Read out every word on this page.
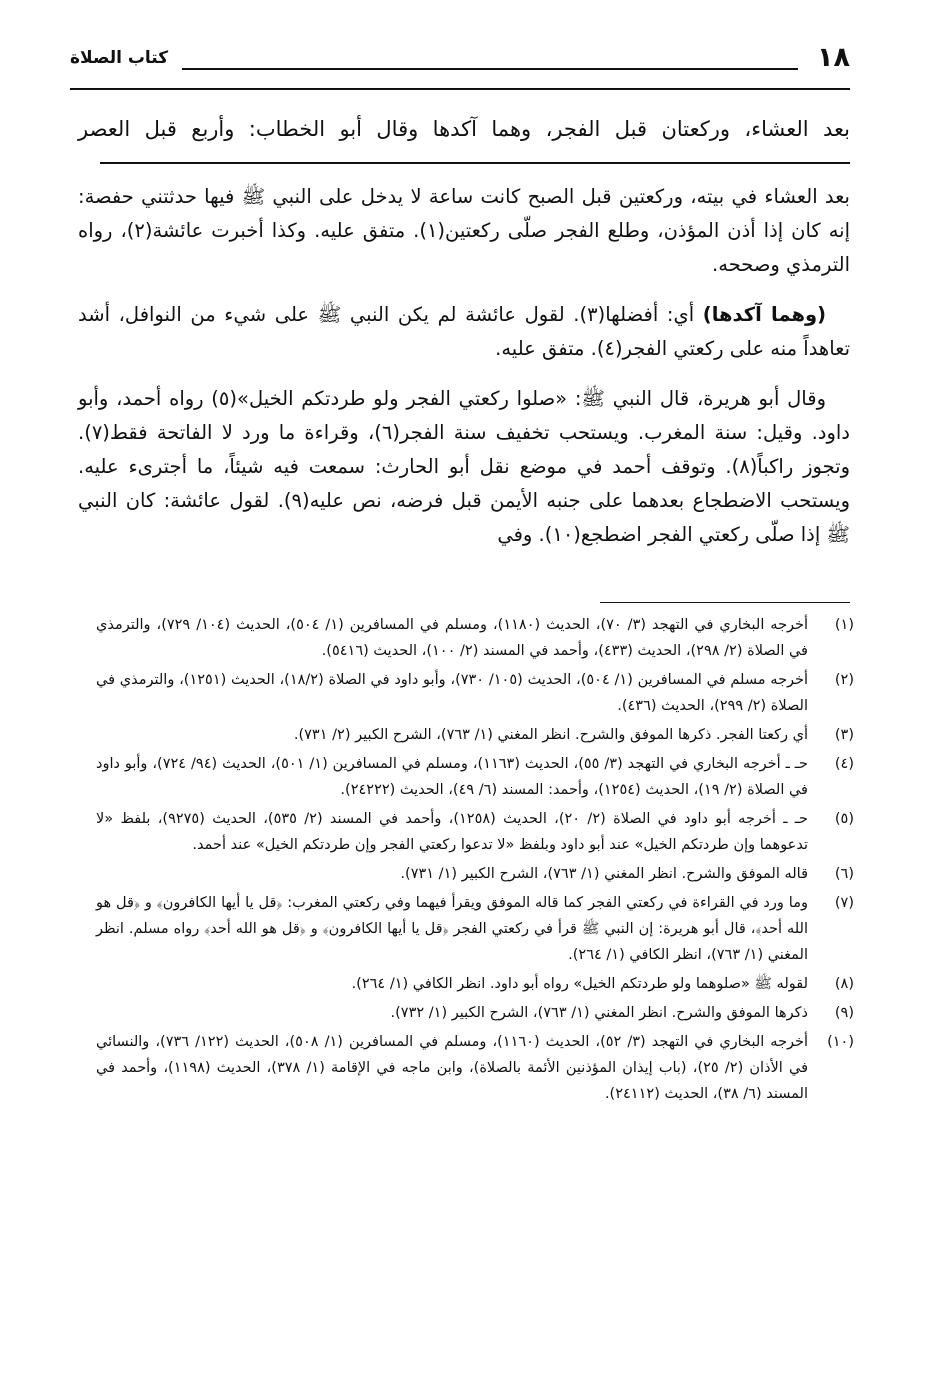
١٨
كتاب الصلاة
بعد العشاء، وركعتان قبل الفجر، وهما آكدها وقال أبو الخطاب: وأربع قبل العصر

بعد العشاء في بيته، وركعتين قبل الصبح كانت ساعة لا يدخل على النبي ﷺ فيها حدثتني حفصة: إنه كان إذا أذن المؤذن، وطلع الفجر صلّى ركعتين(١). متفق عليه. وكذا أخبرت عائشة(٢)، رواه الترمذي وصححه.

(وهما آكدها) أي: أفضلها(٣). لقول عائشة لم يكن النبي ﷺ على شيء من النوافل، أشد تعاهداً منه على ركعتي الفجر(٤). متفق عليه.

وقال أبو هريرة، قال النبي ﷺ: «صلوا ركعتي الفجر ولو طردتكم الخيل»(٥) رواه أحمد، وأبو داود. وقيل: سنة المغرب. ويستحب تخفيف سنة الفجر(٦)، وقراءة ما ورد لا الفاتحة فقط(٧). وتجوز راكباً(٨). وتوقف أحمد في موضع نقل أبو الحارث: سمعت فيه شيئاً، ما أجترىء عليه. ويستحب الاضطجاع بعدهما على جنبه الأيمن قبل فرضه، نص عليه(٩). لقول عائشة: كان النبي ﷺ إذا صلّى ركعتي الفجر اضطجع(١٠). وفي

(١)
أخرجه البخاري في التهجد (٣/ ٧٠)، الحديث (١١٨٠)، ومسلم في المسافرين (١/ ٥٠٤)، الحديث (١٠٤/ ٧٢٩)، والترمذي في الصلاة (٢/ ٢٩٨)، الحديث (٤٣٣)، وأحمد في المسند (٢/ ١٠٠)، الحديث (٥٤١٦).
(٢)
أخرجه مسلم في المسافرين (١/ ٥٠٤)، الحديث (١٠٥/ ٧٣٠)، وأبو داود في الصلاة (١٨/٢)، الحديث (١٢٥١)، والترمذي في الصلاة (٢/ ٢٩٩)، الحديث (٤٣٦).
(٣)
أي ركعتا الفجر. ذكرها الموفق والشرح. انظر المغني (١/ ٧٦٣)، الشرح الكبير (٢/ ٧٣١).
(٤)
حـ ـ أخرجه البخاري في التهجد (٣/ ٥٥)، الحديث (١١٦٣)، ومسلم في المسافرين (١/ ٥٠١)، الحديث (٩٤/ ٧٢٤)، وأبو داود في الصلاة (٢/ ١٩)، الحديث (١٢٥٤)، وأحمد: المسند (٦/ ٤٩)، الحديث (٢٤٢٢٢).
(٥)
حـ ـ أخرجه أبو داود في الصلاة (٢/ ٢٠)، الحديث (١٢٥٨)، وأحمد في المسند (٢/ ٥٣٥)، الحديث (٩٢٧٥)، بلفظ «لا تدعوهما وإن طردتكم الخيل» عند أبو داود وبلفظ «لا تدعوا ركعتي الفجر وإن طردتكم الخيل» عند أحمد.
(٦)
قاله الموفق والشرح. انظر المغني (١/ ٧٦٣)، الشرح الكبير (١/ ٧٣١).
(٧)
وما ورد في القراءة في ركعتي الفجر كما قاله الموفق ويقرأ فيهما وفي ركعتي المغرب: ﴿قل يا أيها الكافرون﴾ و ﴿قل هو الله أحد﴾، قال أبو هريرة: إن النبي ﷺ قرأ في ركعتي الفجر ﴿قل يا أيها الكافرون﴾ و ﴿قل هو الله أحد﴾ رواه مسلم. انظر المغني (١/ ٧٦٣)، انظر الكافي (١/ ٢٦٤).
(٨)
لقوله ﷺ «صلوهما ولو طردتكم الخيل» رواه أبو داود. انظر الكافي (١/ ٢٦٤).
(٩)
ذكرها الموفق والشرح. انظر المغني (١/ ٧٦٣)، الشرح الكبير (١/ ٧٣٢).
(١٠)
أخرجه البخاري في التهجد (٣/ ٥٢)، الحديث (١١٦٠)، ومسلم في المسافرين (١/ ٥٠٨)، الحديث (١٢٢/ ٧٣٦)، والنسائي في الأذان (٢/ ٢٥)، (باب إيذان المؤذنين الأئمة بالصلاة)، وابن ماجه في الإقامة (١/ ٣٧٨)، الحديث (١١٩٨)، وأحمد في المسند (٦/ ٣٨)، الحديث (٢٤١١٢).
